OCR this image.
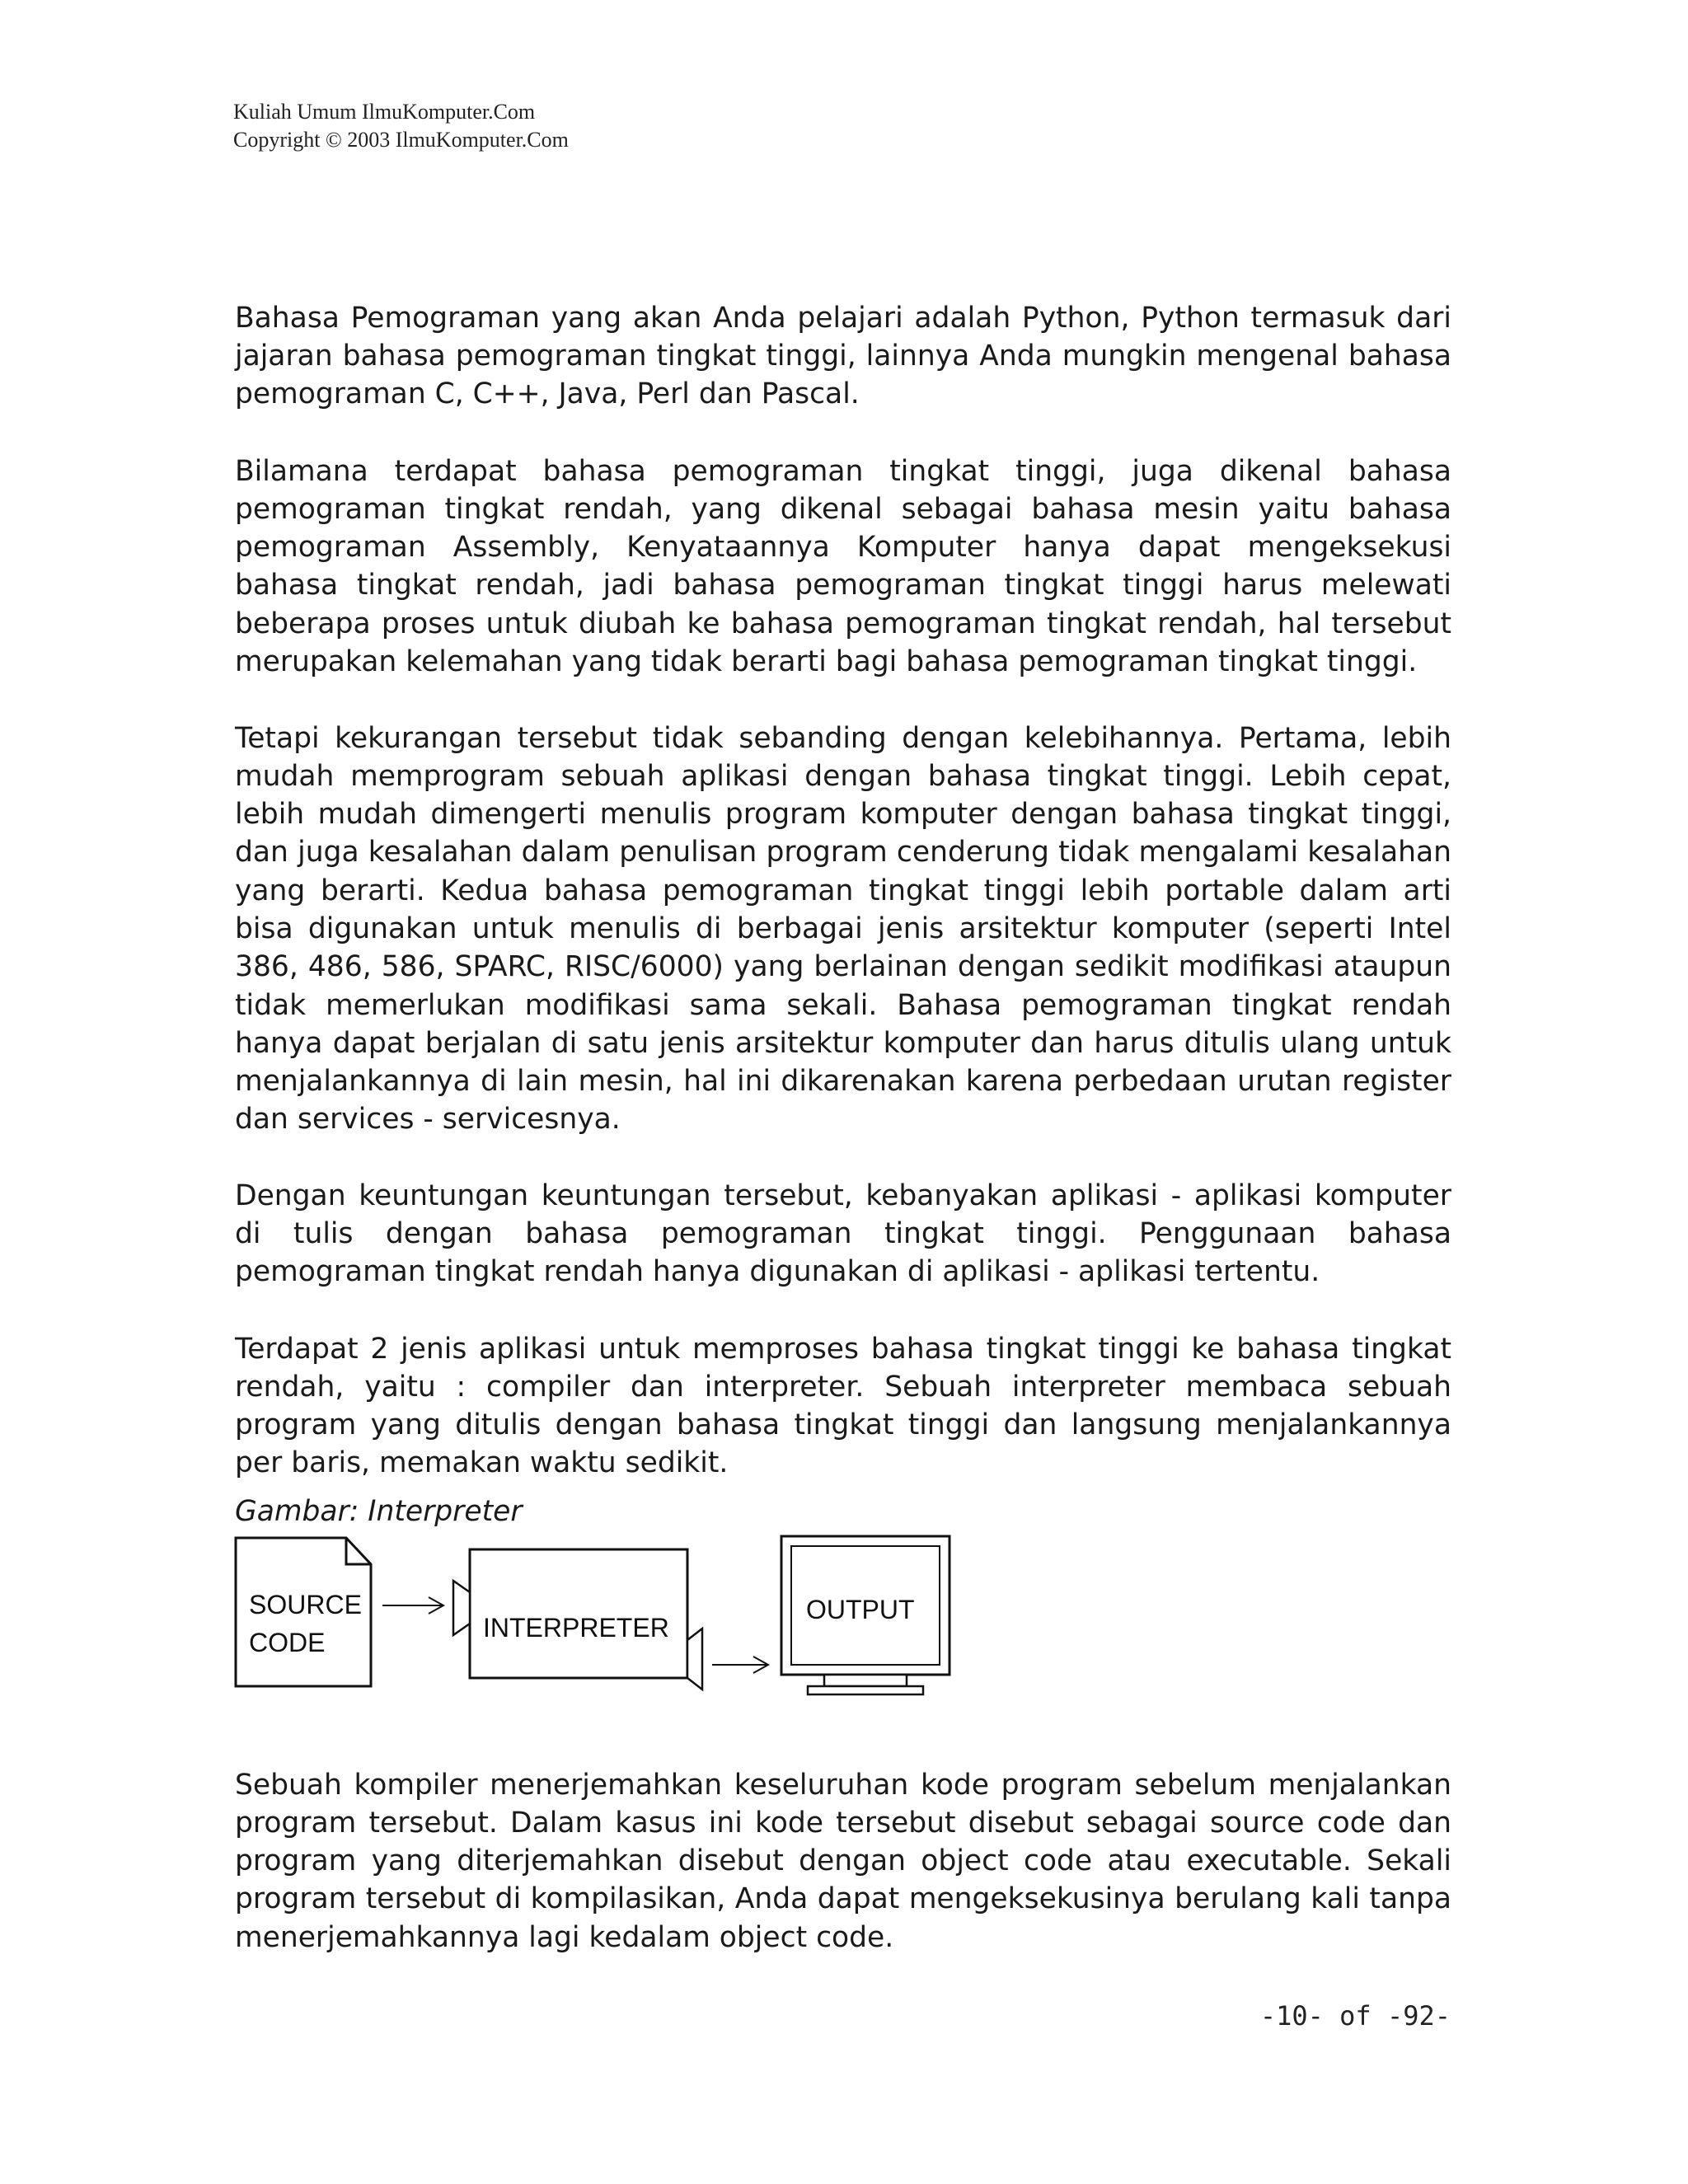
Kuliah Umum IlmuKomputer.Com
Copyright © 2003 IlmuKomputer.Com

Bahasa Pemograman yang akan Anda pelajari adalah Python, Python termasuk dari jajaran bahasa pemograman tingkat tinggi, lainnya Anda mungkin mengenal bahasa pemograman C, C++, Java, Perl dan Pascal.

Bilamana terdapat bahasa pemograman tingkat tinggi, juga dikenal bahasa pemograman tingkat rendah, yang dikenal sebagai bahasa mesin yaitu bahasa pemograman Assembly, Kenyataannya Komputer hanya dapat mengeksekusi bahasa tingkat rendah, jadi bahasa pemograman tingkat tinggi harus melewati beberapa proses untuk diubah ke bahasa pemograman tingkat rendah, hal tersebut merupakan kelemahan yang tidak berarti bagi bahasa pemograman tingkat tinggi.

Tetapi kekurangan tersebut tidak sebanding dengan kelebihannya. Pertama, lebih mudah memprogram sebuah aplikasi dengan bahasa tingkat tinggi. Lebih cepat, lebih mudah dimengerti menulis program komputer dengan bahasa tingkat tinggi, dan juga kesalahan dalam penulisan program cenderung tidak mengalami kesalahan yang berarti. Kedua bahasa pemograman tingkat tinggi lebih portable dalam arti bisa digunakan untuk menulis di berbagai jenis arsitektur komputer (seperti Intel 386, 486, 586, SPARC, RISC/6000) yang berlainan dengan sedikit modifikasi ataupun tidak memerlukan modifikasi sama sekali. Bahasa pemograman tingkat rendah hanya dapat berjalan di satu jenis arsitektur komputer dan harus ditulis ulang untuk menjalankannya di lain mesin, hal ini dikarenakan karena perbedaan urutan register dan services - servicesnya.

Dengan keuntungan keuntungan tersebut, kebanyakan aplikasi - aplikasi komputer di tulis dengan bahasa pemograman tingkat tinggi. Penggunaan bahasa pemograman tingkat rendah hanya digunakan di aplikasi - aplikasi tertentu.

Terdapat 2 jenis aplikasi untuk memproses bahasa tingkat tinggi ke bahasa tingkat rendah, yaitu : compiler dan interpreter. Sebuah interpreter membaca sebuah program yang ditulis dengan bahasa tingkat tinggi dan langsung menjalankannya per baris, memakan waktu sedikit.

Gambar: Interpreter
SOURCE
CODE	INTERPRETER
OUTPUT

Sebuah kompiler menerjemahkan keseluruhan kode program sebelum menjalankan program tersebut. Dalam kasus ini kode tersebut disebut sebagai source code dan program yang diterjemahkan disebut dengan object code atau executable. Sekali program tersebut di kompilasikan, Anda dapat mengeksekusinya berulang kali tanpa menerjemahkannya lagi kedalam object code.

-10- of -92-
